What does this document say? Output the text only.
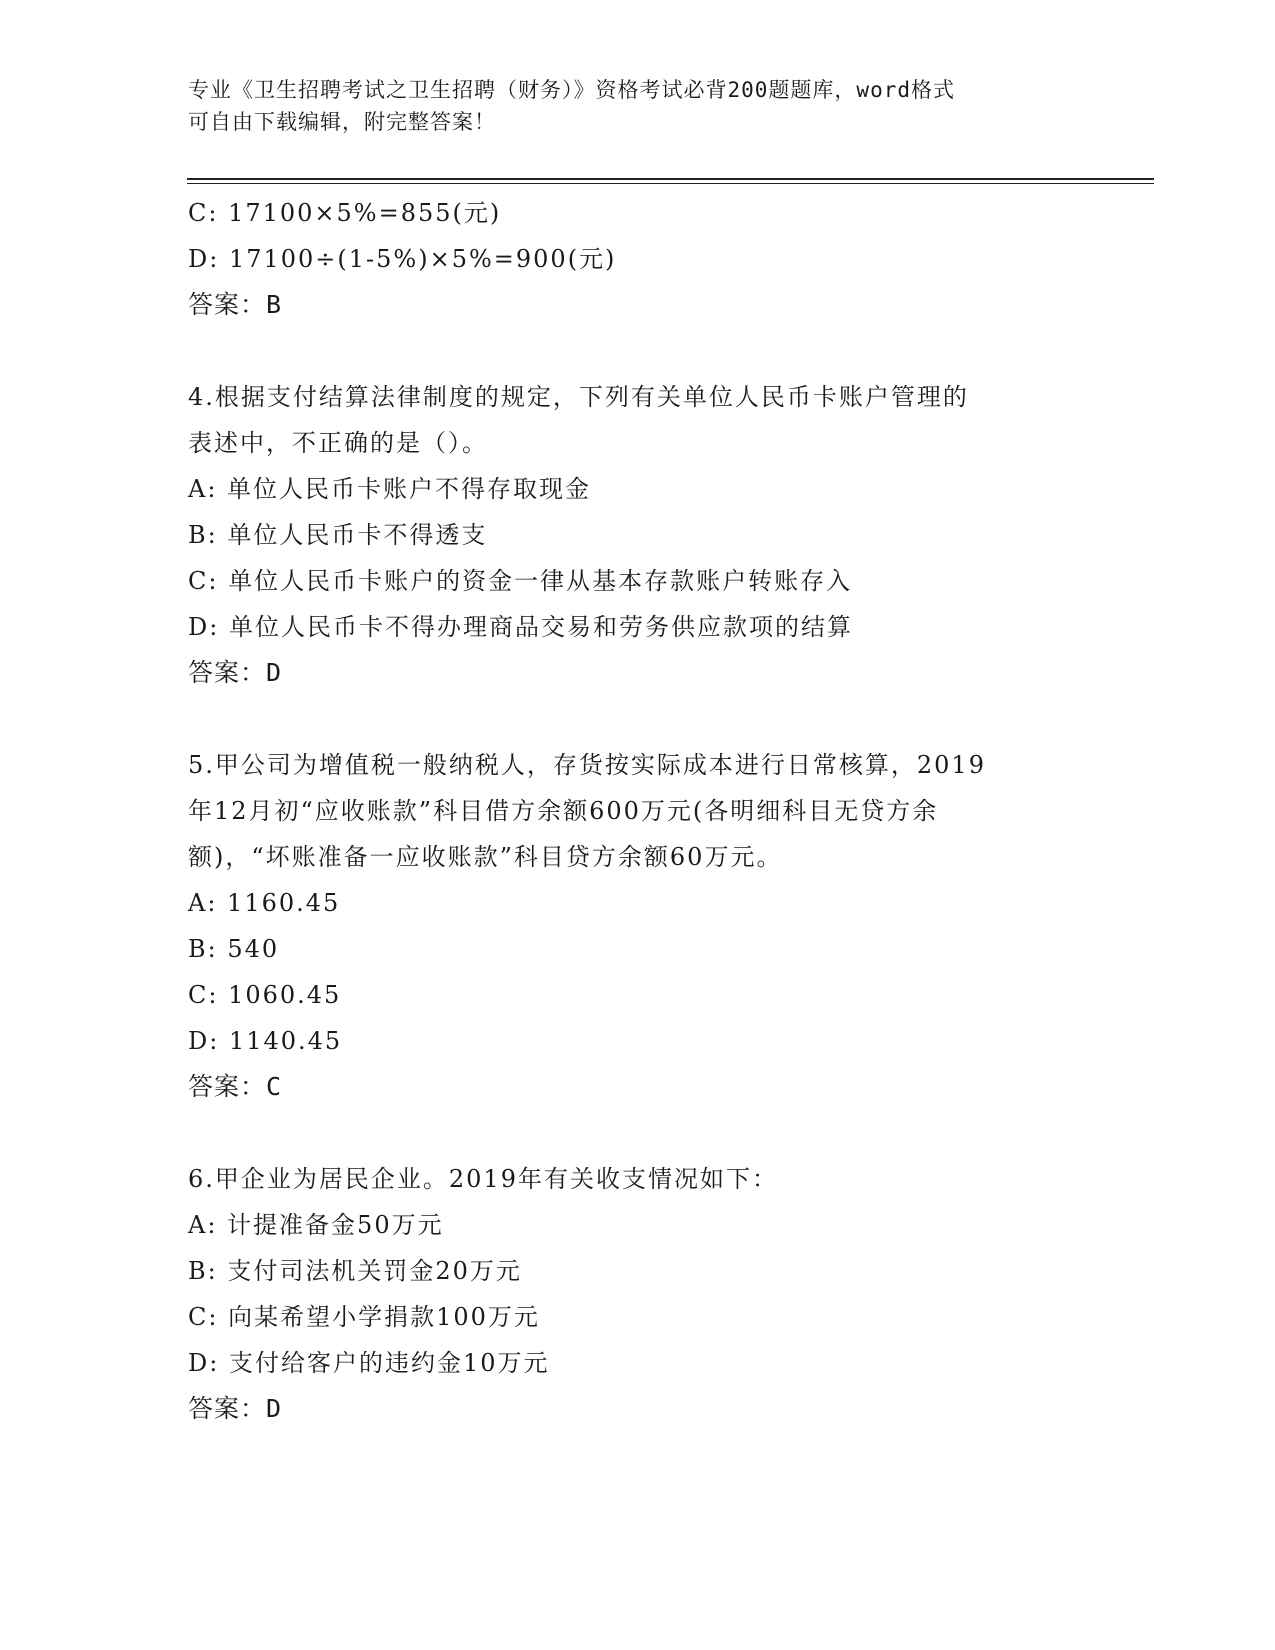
专业《卫生招聘考试之卫生招聘（财务）》资格考试必背200题题库，word格式
可自由下载编辑，附完整答案！
C: 17100×5%=855(元)
D: 17100÷(1-5%)×5%=900(元)
答案：B
4.根据支付结算法律制度的规定，下列有关单位人民币卡账户管理的
表述中，不正确的是（）。
A: 单位人民币卡账户不得存取现金
B: 单位人民币卡不得透支
C: 单位人民币卡账户的资金一律从基本存款账户转账存入
D: 单位人民币卡不得办理商品交易和劳务供应款项的结算
答案：D
5.甲公司为增值税一般纳税人，存货按实际成本进行日常核算，2019
年12月初“应收账款”科目借方余额600万元(各明细科目无贷方余
额)，“坏账准备一应收账款”科目贷方余额60万元。
A: 1160.45
B: 540
C: 1060.45
D: 1140.45
答案：C
6.甲企业为居民企业。2019年有关收支情况如下：
A: 计提准备金50万元
B: 支付司法机关罚金20万元
C: 向某希望小学捐款100万元
D: 支付给客户的违约金10万元
答案：D
